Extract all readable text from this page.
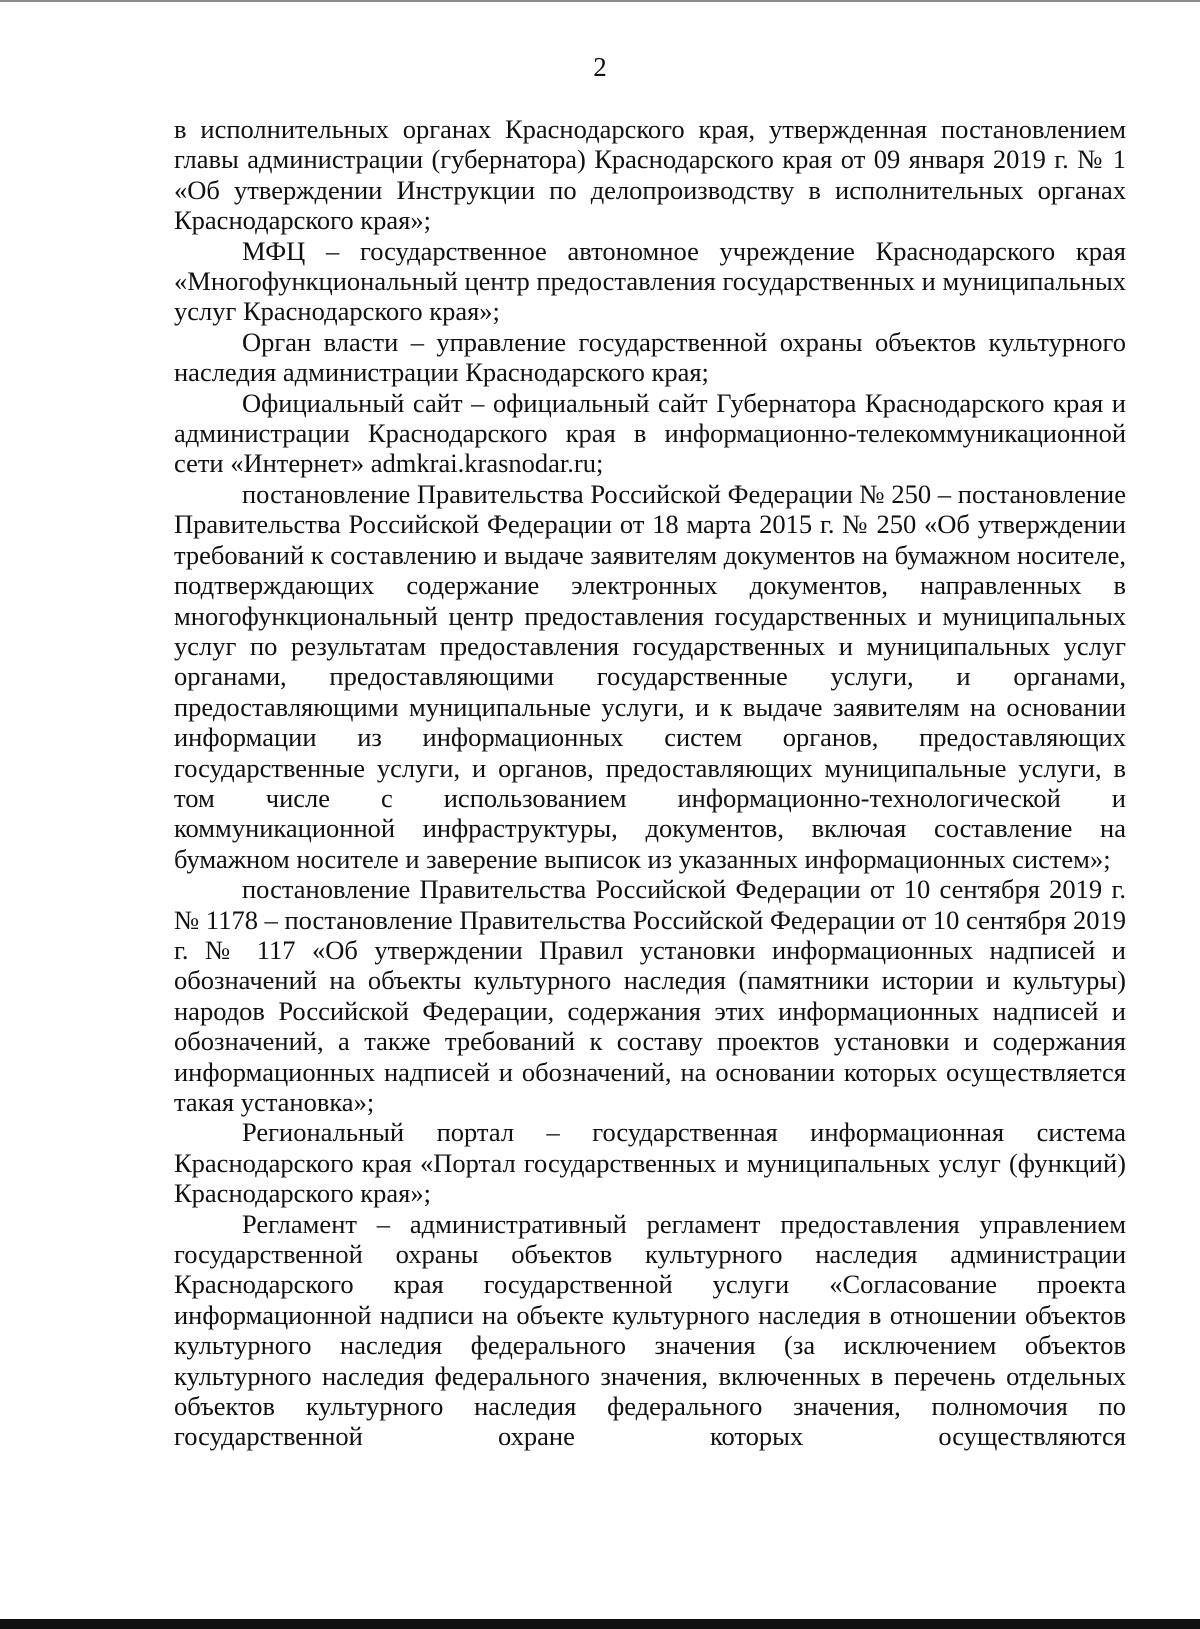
2

в исполнительных органах Краснодарского края, утвержденная постановлением главы администрации (губернатора) Краснодарского края от 09 января 2019 г. № 1 «Об утверждении Инструкции по делопроизводству в исполнительных органах Краснодарского края»;

МФЦ – государственное автономное учреждение Краснодарского края «Многофункциональный центр предоставления государственных и муниципальных услуг Краснодарского края»;

Орган власти – управление государственной охраны объектов культурного наследия администрации Краснодарского края;

Официальный сайт – официальный сайт Губернатора Краснодарского края и администрации Краснодарского края в информационно-телекоммуникационной сети «Интернет» admkrai.krasnodar.ru;

постановление Правительства Российской Федерации № 250 – постановление Правительства Российской Федерации от 18 марта 2015 г. № 250 «Об утверждении требований к составлению и выдаче заявителям документов на бумажном носителе, подтверждающих содержание электронных документов, направленных в многофункциональный центр предоставления государственных и муниципальных услуг по результатам предоставления государственных и муниципальных услуг органами, предоставляющими государственные услуги, и органами, предоставляющими муниципальные услуги, и к выдаче заявителям на основании информации из информационных систем органов, предоставляющих государственные услуги, и органов, предоставляющих муниципальные услуги, в том числе с использованием информационно-технологической и коммуникационной инфраструктуры, документов, включая составление на бумажном носителе и заверение выписок из указанных информационных систем»;

постановление Правительства Российской Федерации от 10 сентября 2019 г. № 1178 – постановление Правительства Российской Федерации от 10 сентября 2019 г. № 117 «Об утверждении Правил установки информационных надписей и обозначений на объекты культурного наследия (памятники истории и культуры) народов Российской Федерации, содержания этих информационных надписей и обозначений, а также требований к составу проектов установки и содержания информационных надписей и обозначений, на основании которых осуществляется такая установка»;

Региональный портал – государственная информационная система Краснодарского края «Портал государственных и муниципальных услуг (функций) Краснодарского края»;

Регламент – административный регламент предоставления управлением государственной охраны объектов культурного наследия администрации Краснодарского края государственной услуги «Согласование проекта информационной надписи на объекте культурного наследия в отношении объектов культурного наследия федерального значения (за исключением объектов культурного наследия федерального значения, включенных в перечень отдельных объектов культурного наследия федерального значения, полномочия по государственной охране которых осуществляются
